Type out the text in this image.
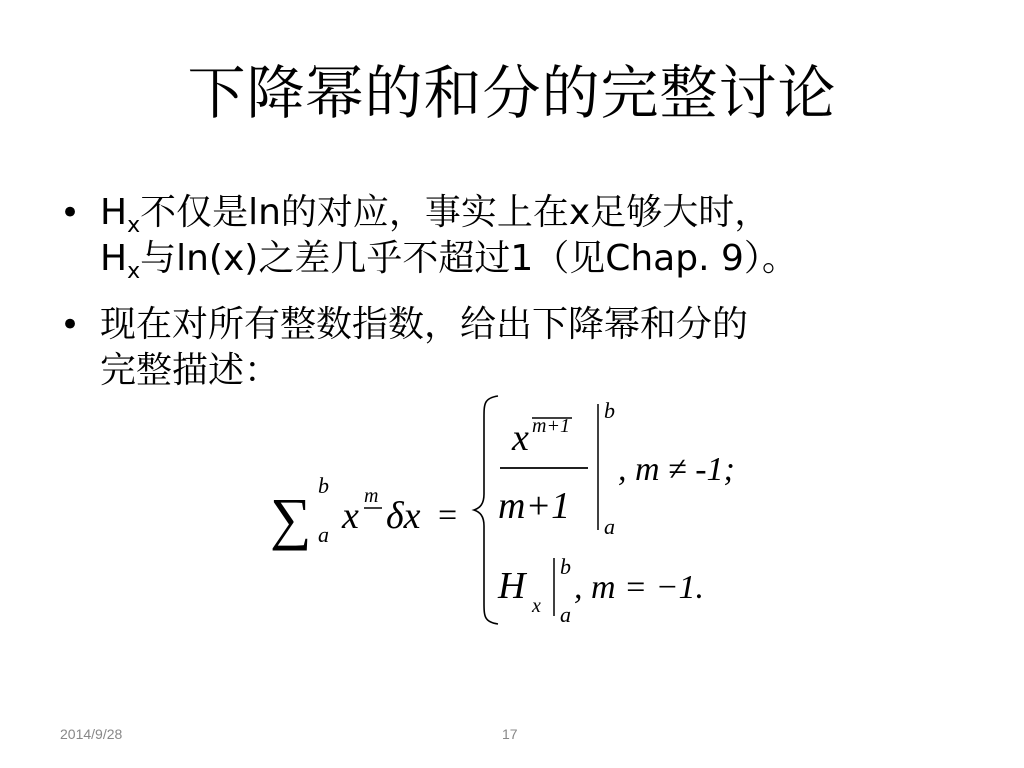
下降幂的和分的完整讨论
• $H_x$不仅是ln的对应，事实上在x足够大时，
$H_x$与ln(x)之差几乎不超过1（见Chap. 9）。
• 现在对所有整数指数，给出下降幂和分的
完整描述：
∑
b
a x m δx =
x m+1
m+1
b
a
, m ≠ -1;
H x
b
a
, m = −1.
2014/9/28	17
